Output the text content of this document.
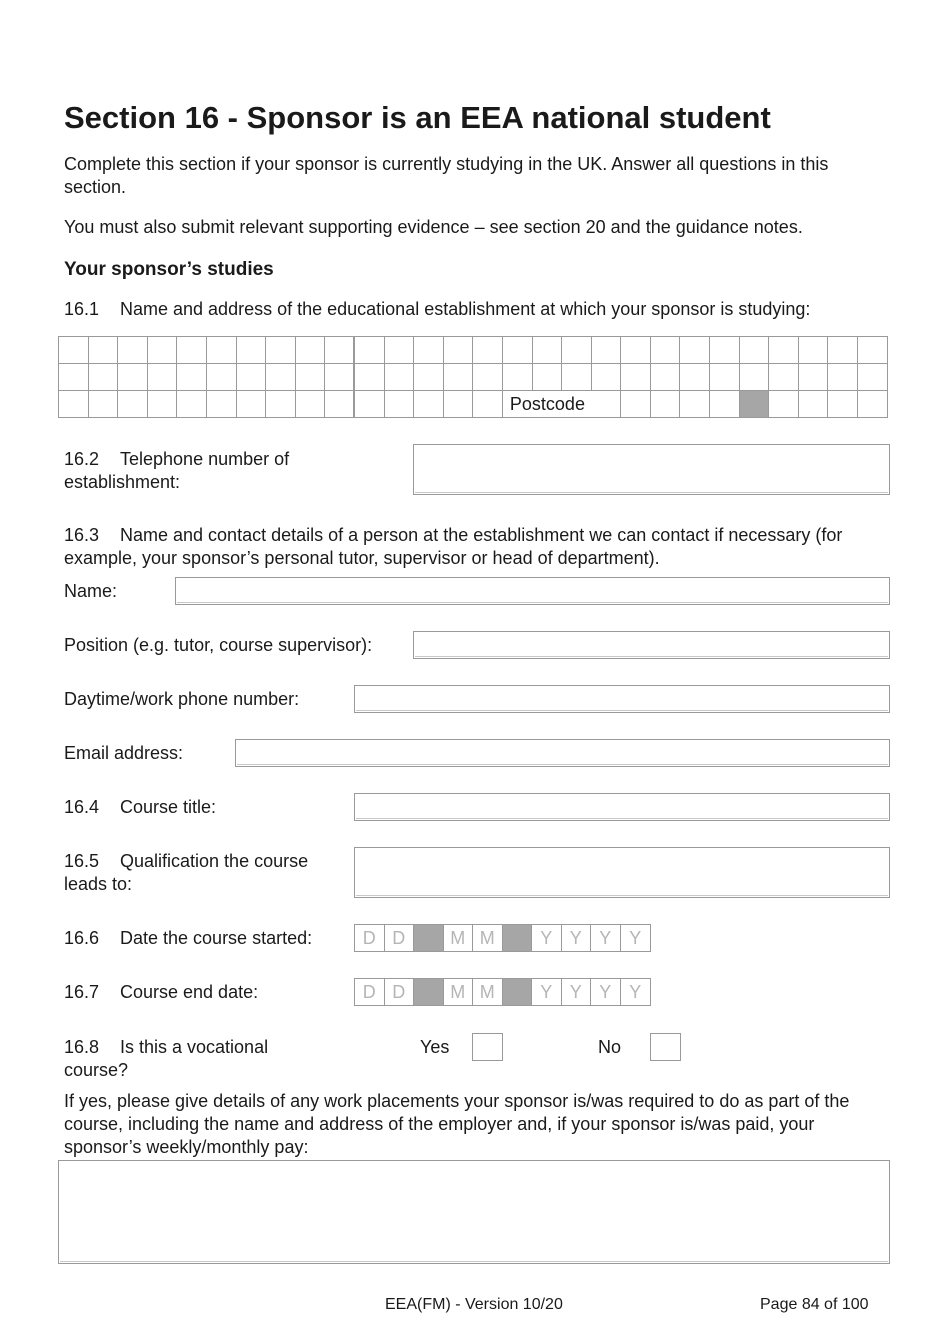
Section 16 - Sponsor is an EEA national student

Complete this section if your sponsor is currently studying in the UK. Answer all questions in this section.

You must also submit relevant supporting evidence – see section 20 and the guidance notes.

Your sponsor’s studies
16.1 Name and address of the educational establishment at which your sponsor is studying:

															Postcode												
16.2 Telephone number of
establishment:

16.3 Name and contact details of a person at the establishment we can contact if necessary (for example, your sponsor’s personal tutor, supervisor or head of department).

Name:
Position (e.g. tutor, course supervisor):
Daytime/work phone number:
Email address:
16.4 Course title:
16.5 Qualification the course
leads to:
16.6 Date the course started:	D D	M M	Y Y Y Y
16.7 Course end date:	D D	M M	Y Y Y Y
16.8 Is this a vocational
course?
Yes	No

If yes, please give details of any work placements your sponsor is/was required to do as part of the course, including the name and address of the employer and, if your sponsor is/was paid, your sponsor’s weekly/monthly pay:

EEA(FM) - Version 10/20	Page 84 of 100
